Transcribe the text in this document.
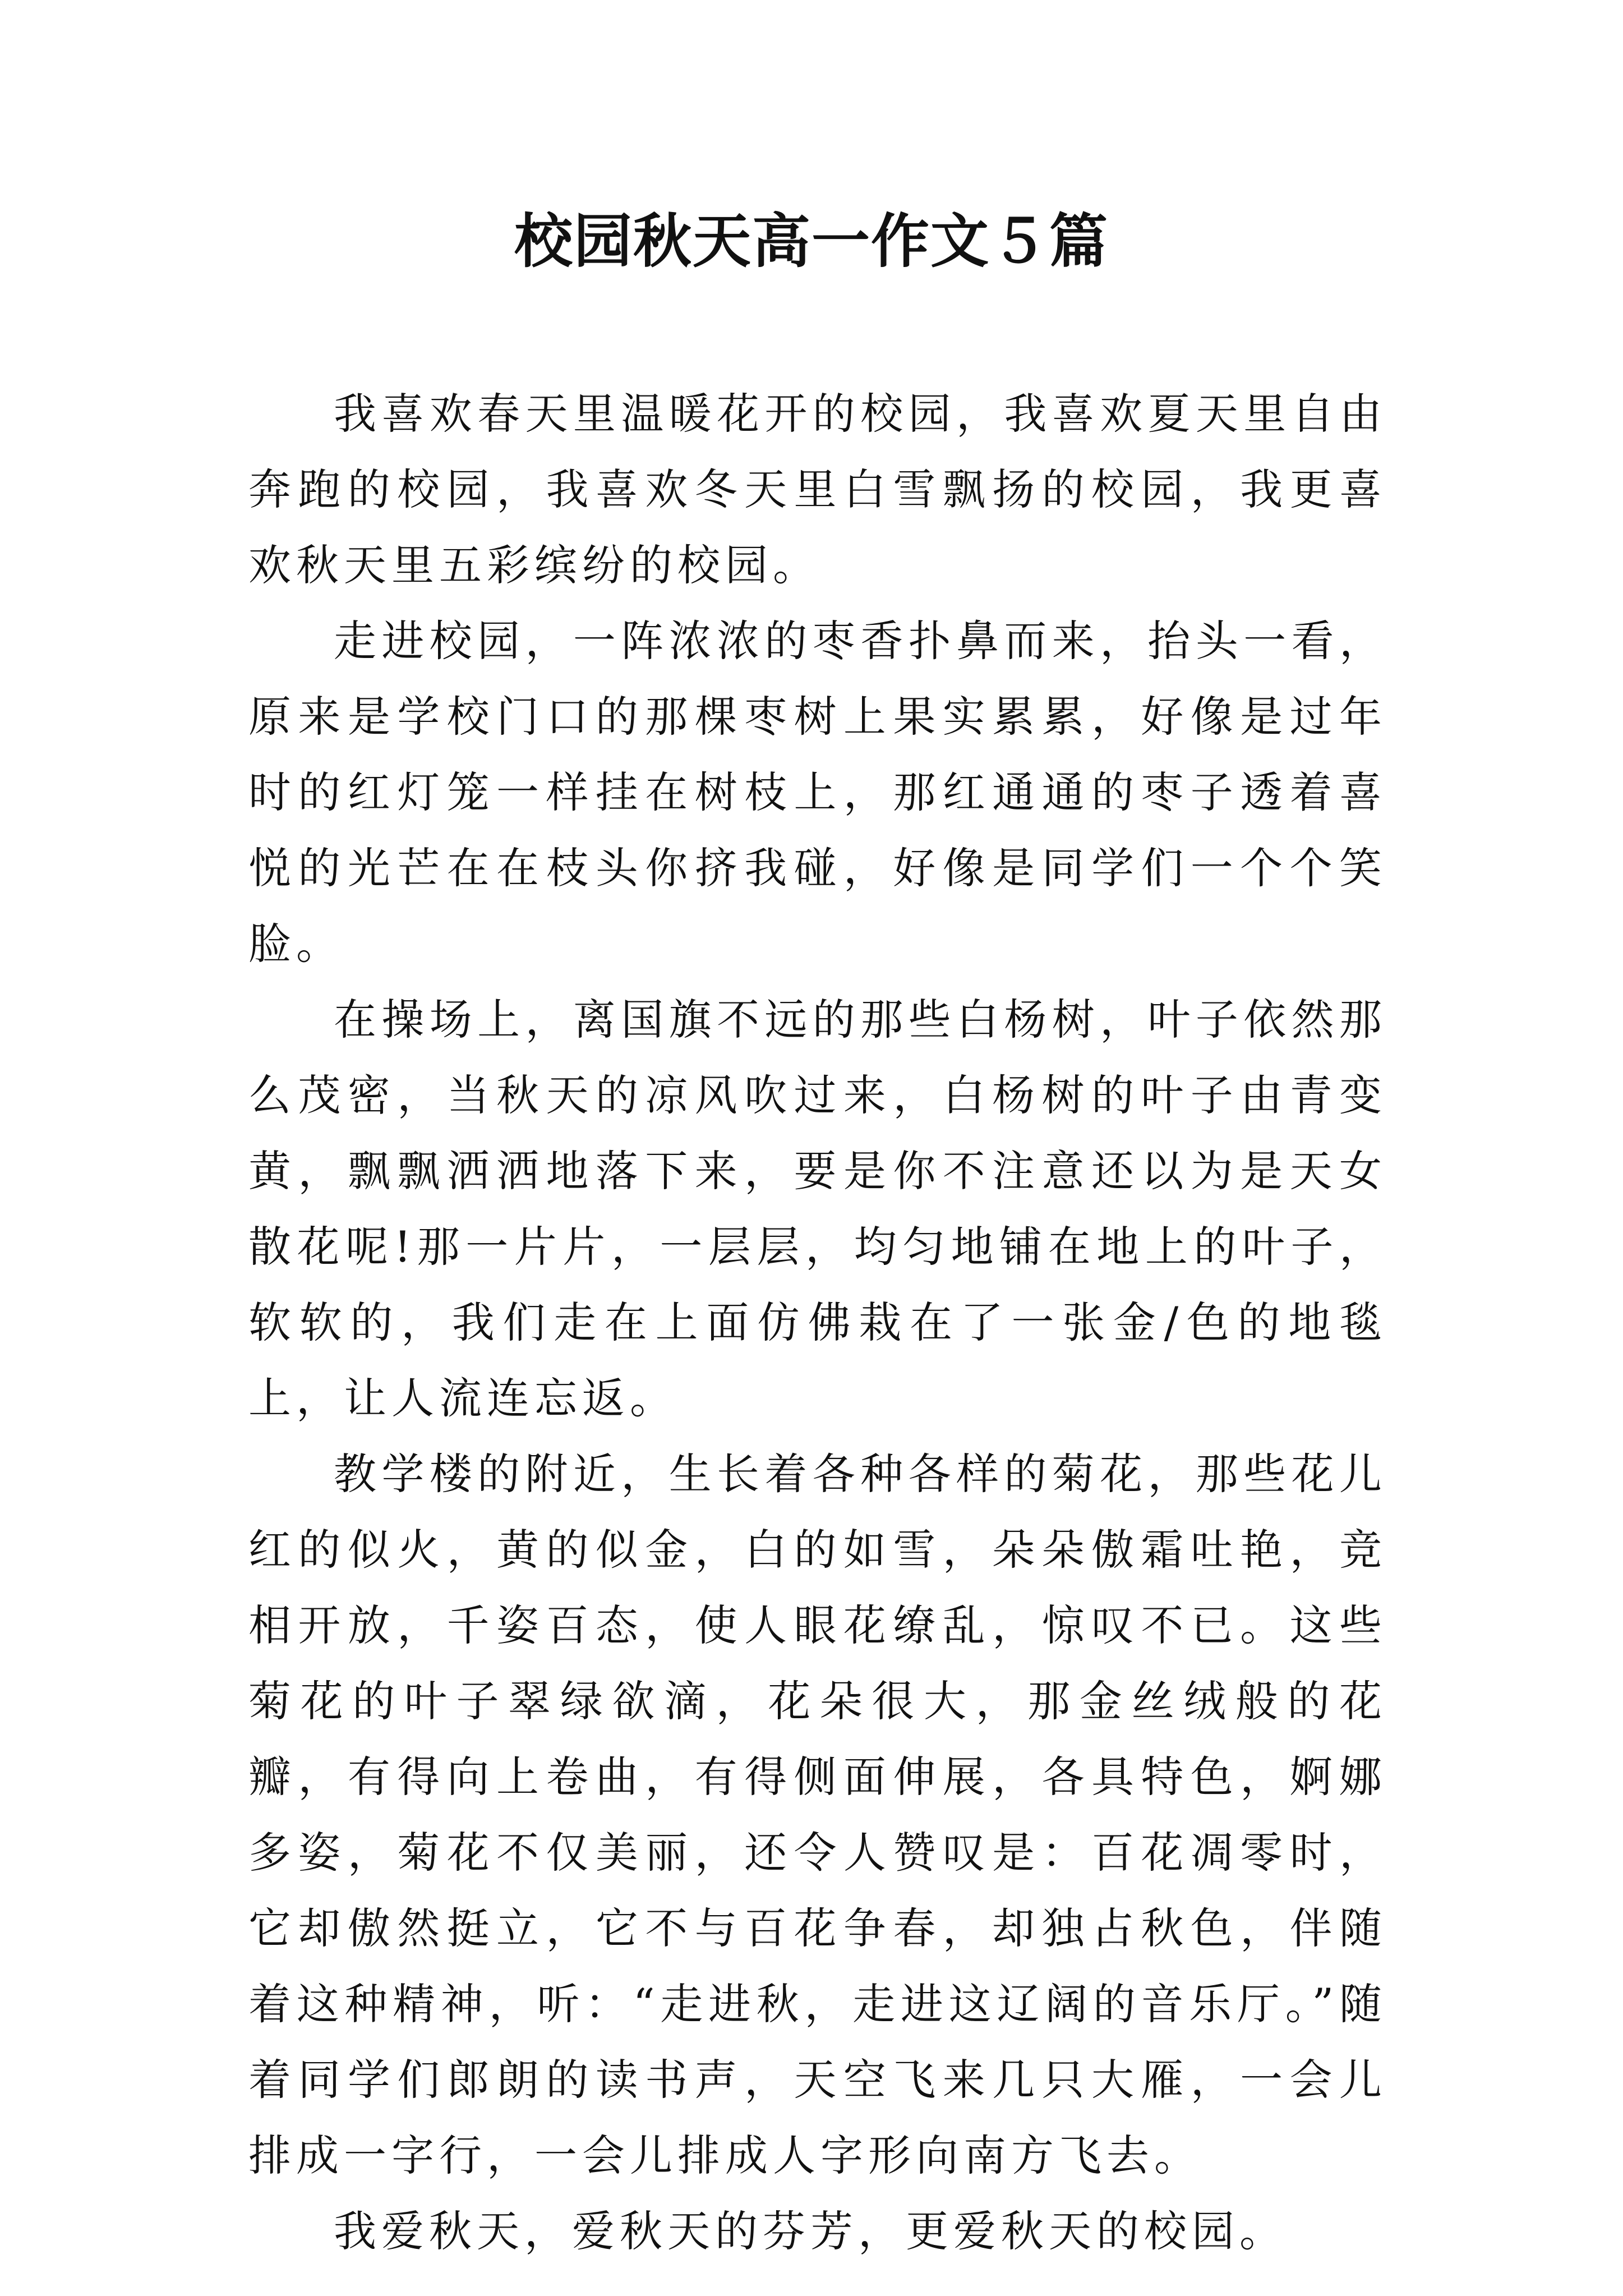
校园秋天高一作文５篇

我喜欢春天里温暖花开的校园，我喜欢夏天里自由奔跑的校园，我喜欢冬天里白雪飘扬的校园，我更喜欢秋天里五彩缤纷的校园。

走进校园，一阵浓浓的枣香扑鼻而来，抬头一看，原来是学校门口的那棵枣树上果实累累，好像是过年时的红灯笼一样挂在树枝上，那红通通的枣子透着喜悦的光芒在在枝头你挤我碰，好像是同学们一个个笑脸。

在操场上，离国旗不远的那些白杨树，叶子依然那么茂密，当秋天的凉风吹过来，白杨树的叶子由青变黄，飘飘洒洒地落下来，要是你不注意还以为是天女散花呢!那一片片，一层层，均匀地铺在地上的叶子，软软的，我们走在上面仿佛栽在了一张金/色的地毯上，让人流连忘返。

教学楼的附近，生长着各种各样的菊花，那些花儿红的似火，黄的似金，白的如雪，朵朵傲霜吐艳，竞相开放，千姿百态，使人眼花缭乱，惊叹不已。这些菊花的叶子翠绿欲滴，花朵很大，那金丝绒般的花瓣，有得向上卷曲，有得侧面伸展，各具特色，婀娜多姿，菊花不仅美丽，还令人赞叹是：百花凋零时，它却傲然挺立，它不与百花争春，却独占秋色，伴随着这种精神，听：“走进秋，走进这辽阔的音乐厅。”随着同学们郎朗的读书声，天空飞来几只大雁，一会儿排成一字行，一会儿排成人字形向南方飞去。

我爱秋天，爱秋天的芬芳，更爱秋天的校园。
